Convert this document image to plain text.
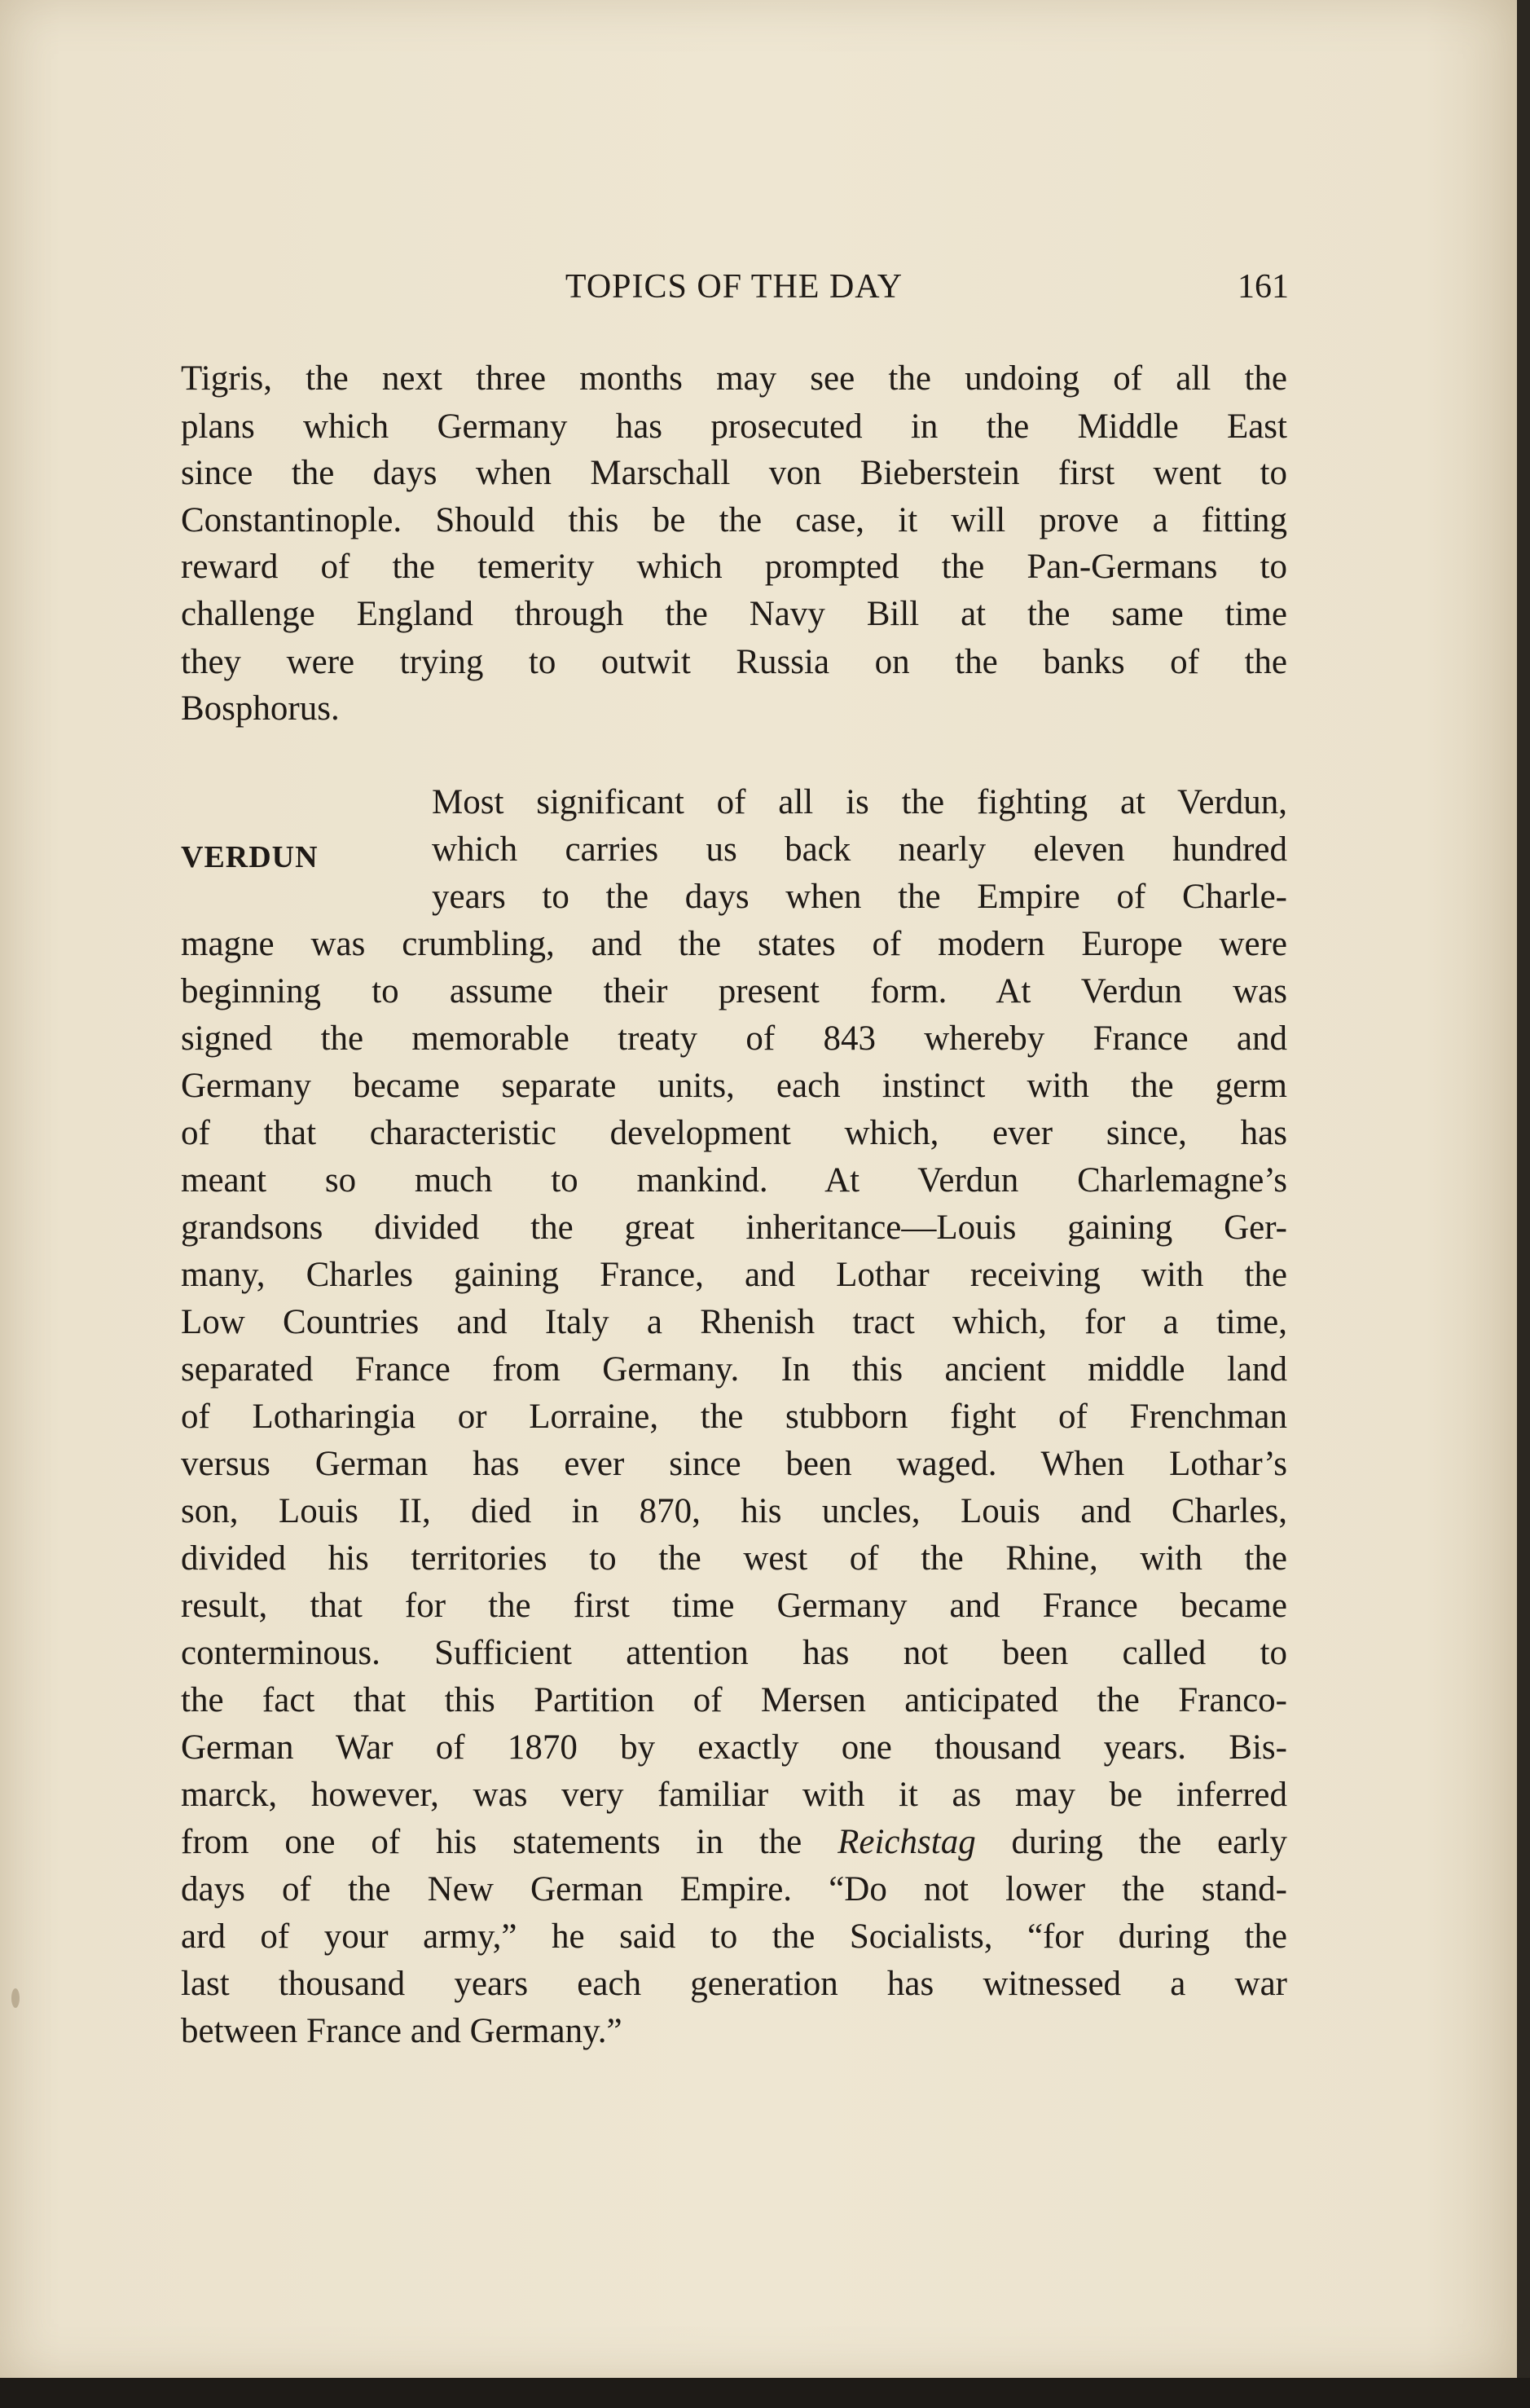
TOPICS OF THE DAY	161
Tigris, the next three months may see the undoing of all the
plans which Germany has prosecuted in the Middle East
since the days when Marschall von Bieberstein first went to
Constantinople. Should this be the case, it will prove a fitting
reward of the temerity which prompted the Pan-Germans to
challenge England through the Navy Bill at the same time
they were trying to outwit Russia on the banks of the
Bosphorus.
VERDUN
Most significant of all is the fighting at Verdun,
which carries us back nearly eleven hundred
years to the days when the Empire of Charle-
magne was crumbling, and the states of modern Europe were
beginning to assume their present form. At Verdun was
signed the memorable treaty of 843 whereby France and
Germany became separate units, each instinct with the germ
of that characteristic development which, ever since, has
meant so much to mankind. At Verdun Charlemagne’s
grandsons divided the great inheritance—Louis gaining Ger-
many, Charles gaining France, and Lothar receiving with the
Low Countries and Italy a Rhenish tract which, for a time,
separated France from Germany. In this ancient middle land
of Lotharingia or Lorraine, the stubborn fight of Frenchman
versus German has ever since been waged. When Lothar’s
son, Louis II, died in 870, his uncles, Louis and Charles,
divided his territories to the west of the Rhine, with the
result, that for the first time Germany and France became
conterminous. Sufficient attention has not been called to
the fact that this Partition of Mersen anticipated the Franco-
German War of 1870 by exactly one thousand years. Bis-
marck, however, was very familiar with it as may be inferred
from one of his statements in the Reichstag during the early
days of the New German Empire. “Do not lower the stand-
ard of your army,” he said to the Socialists, “for during the
last thousand years each generation has witnessed a war
between France and Germany.”
